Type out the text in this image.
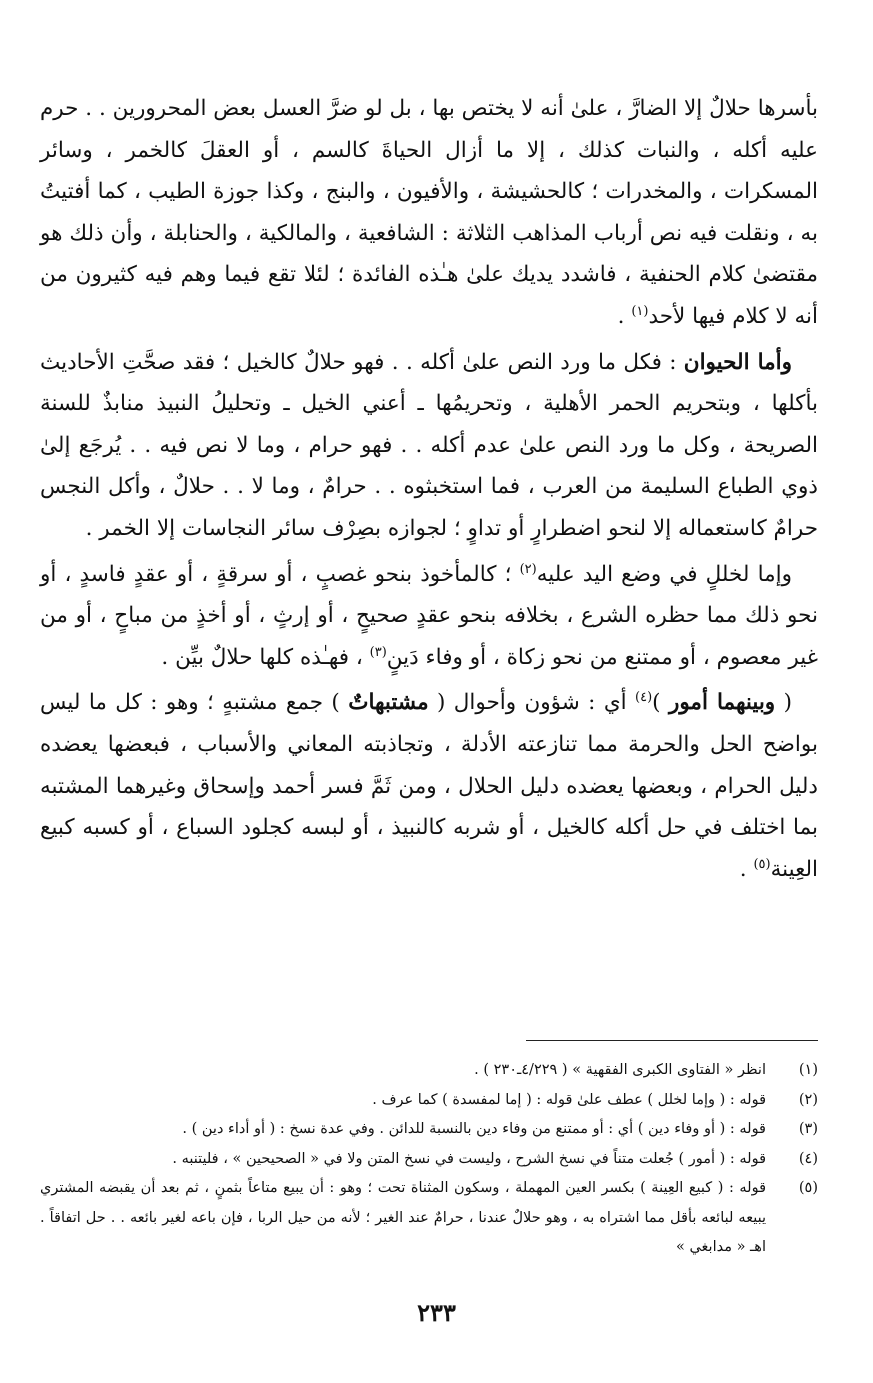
بأسرها حلالٌ إلا الضارَّ ، علىٰ أنه لا يختص بها ، بل لو ضرَّ العسل بعض المحرورين . . حرم عليه أكله ، والنبات كذلك ، إلا ما أزال الحياةَ كالسم ، أو العقلَ كالخمر ، وسائر المسكرات ، والمخدرات ؛ كالحشيشة ، والأفيون ، والبنج ، وكذا جوزة الطيب ، كما أفتيتُ به ، ونقلت فيه نص أرباب المذاهب الثلاثة : الشافعية ، والمالكية ، والحنابلة ، وأن ذلك هو مقتضىٰ كلام الحنفية ، فاشدد يديك علىٰ هـٰذه الفائدة ؛ لئلا تقع فيما وهم فيه كثيرون من أنه لا كلام فيها لأحد$^{(١)}$ .

وأما الحيوان : فكل ما ورد النص علىٰ أكله . . فهو حلالٌ كالخيل ؛ فقد صحَّتِ الأحاديث بأكلها ، وبتحريم الحمر الأهلية ، وتحريمُها ـ أعني الخيل ـ وتحليلُ النبيذ منابذٌ للسنة الصريحة ، وكل ما ورد النص علىٰ عدم أكله . . فهو حرام ، وما لا نص فيه . . يُرجَع إلىٰ ذوي الطباع السليمة من العرب ، فما استخبثوه . . حرامٌ ، وما لا . . حلالٌ ، وأكل النجس حرامٌ كاستعماله إلا لنحو اضطرارٍ أو تداوٍ ؛ لجوازه بصِرْف سائر النجاسات إلا الخمر .

وإما لخللٍ في وضع اليد عليه$^{(٢)}$ ؛ كالمأخوذ بنحو غصبٍ ، أو سرقةٍ ، أو عقدٍ فاسدٍ ، أو نحو ذلك مما حظره الشرع ، بخلافه بنحو عقدٍ صحيحٍ ، أو إرثٍ ، أو أخذٍ من مباحٍ ، أو من غير معصوم ، أو ممتنع من نحو زكاة ، أو وفاء دَينٍ$^{(٣)}$ ، فهـٰذه كلها حلالٌ بيِّن .

( وبينهما أمور )$^{(٤)}$ أي : شؤون وأحوال ( مشتبهاتٌ ) جمع مشتبهٍ ؛ وهو : كل ما ليس بواضح الحل والحرمة مما تنازعته الأدلة ، وتجاذبته المعاني والأسباب ، فبعضها يعضده دليل الحرام ، وبعضها يعضده دليل الحلال ، ومن ثَمَّ فسر أحمد وإسحاق وغيرهما المشتبه بما اختلف في حل أكله كالخيل ، أو شربه كالنبيذ ، أو لبسه كجلود السباع ، أو كسبه كبيع العِينة$^{(٥)}$ .

(١)
انظر « الفتاوى الكبرى الفقهية » ( ٤/٢٢٩ـ٢٣٠ ) .
(٢)
قوله : ( وإما لخلل ) عطف علىٰ قوله : ( إما لمفسدة ) كما عرف .
(٣)
قوله : ( أو وفاء دين ) أي : أو ممتنع من وفاء دين بالنسبة للدائن . وفي عدة نسخ : ( أو أداء دين ) .
(٤)
قوله : ( أمور ) جُعلت متناً في نسخ الشرح ، وليست في نسخ المتن ولا في « الصحيحين » ، فليتنبه .
(٥)
قوله : ( كبيع العِينة ) بكسر العين المهملة ، وسكون المثناة تحت ؛ وهو : أن يبيع متاعاً بثمنٍ ، ثم بعد أن يقبضه المشتري يبيعه لبائعه بأقل مما اشتراه به ، وهو حلالٌ عندنا ، حرامٌ عند الغير ؛ لأنه من حيل الربا ، فإن باعه لغير بائعه . . حل اتفاقاً . اهـ « مدابغي »
٢٣٣
